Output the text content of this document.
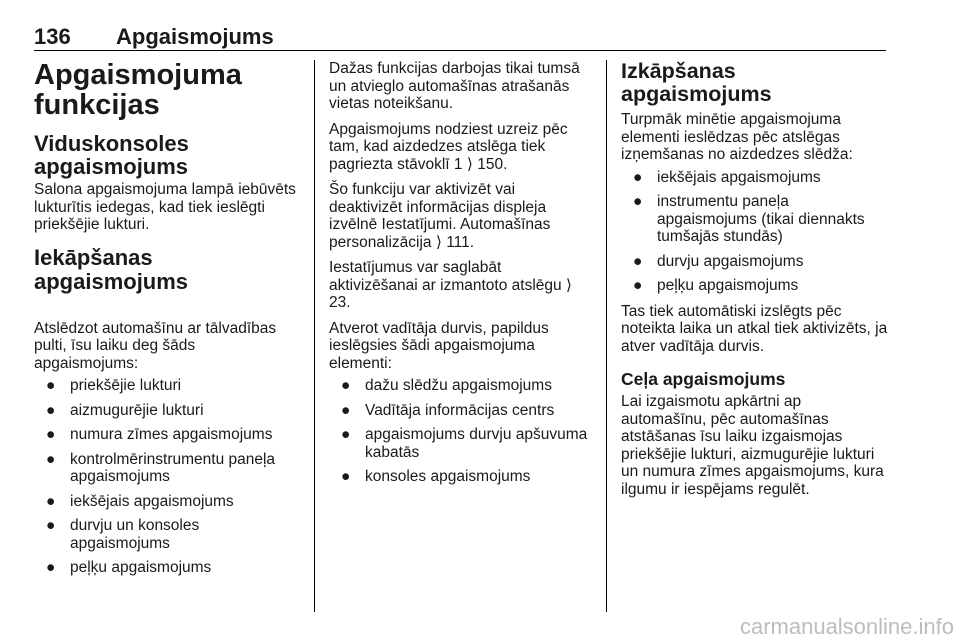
136 Apgaismojums
Apgaismojuma funkcijas
Viduskonsoles apgaismojums

Salona apgaismojuma lampā iebūvēts lukturītis iedegas, kad tiek ieslēgti priekšējie lukturi.

Iekāpšanas apgaismojums

Atslēdzot automašīnu ar tālvadības pulti, īsu laiku deg šāds apgaismojums:

● priekšējie lukturi
● aizmugurējie lukturi
● numura zīmes apgaismojums
● kontrolmērinstrumentu paneļa apgaismojums
● iekšējais apgaismojums
● durvju un konsoles apgaismojums
● peļķu apgaismojums

Dažas funkcijas darbojas tikai tumsā un atvieglo automašīnas atrašanās vietas noteikšanu.

Apgaismojums nodziest uzreiz pēc tam, kad aizdedzes atslēga tiek pagriezta stāvoklī 1 ⟩ 150.

Šo funkciju var aktivizēt vai deaktivizēt informācijas displeja izvēlnē Iestatījumi. Automašīnas personalizācija ⟩ 111.

Iestatījumus var saglabāt aktivizēšanai ar izmantoto atslēgu ⟩ 23.

Atverot vadītāja durvis, papildus ieslēgsies šādi apgaismojuma elementi:

● dažu slēdžu apgaismojums
● Vadītāja informācijas centrs
● apgaismojums durvju apšuvuma kabatās
● konsoles apgaismojums
Izkāpšanas apgaismojums

Turpmāk minētie apgaismojuma elementi ieslēdzas pēc atslēgas izņemšanas no aizdedzes slēdža:

● iekšējais apgaismojums
● instrumentu paneļa apgaismojums (tikai diennakts tumšajās stundās)
● durvju apgaismojums
● peļķu apgaismojums

Tas tiek automātiski izslēgts pēc noteikta laika un atkal tiek aktivizēts, ja atver vadītāja durvis.

Ceļa apgaismojums

Lai izgaismotu apkārtni ap automašīnu, pēc automašīnas atstāšanas īsu laiku izgaismojas priekšējie lukturi, aizmugurējie lukturi un numura zīmes apgaismojums, kura ilgumu ir iespējams regulēt.

carmanualsonline.info
